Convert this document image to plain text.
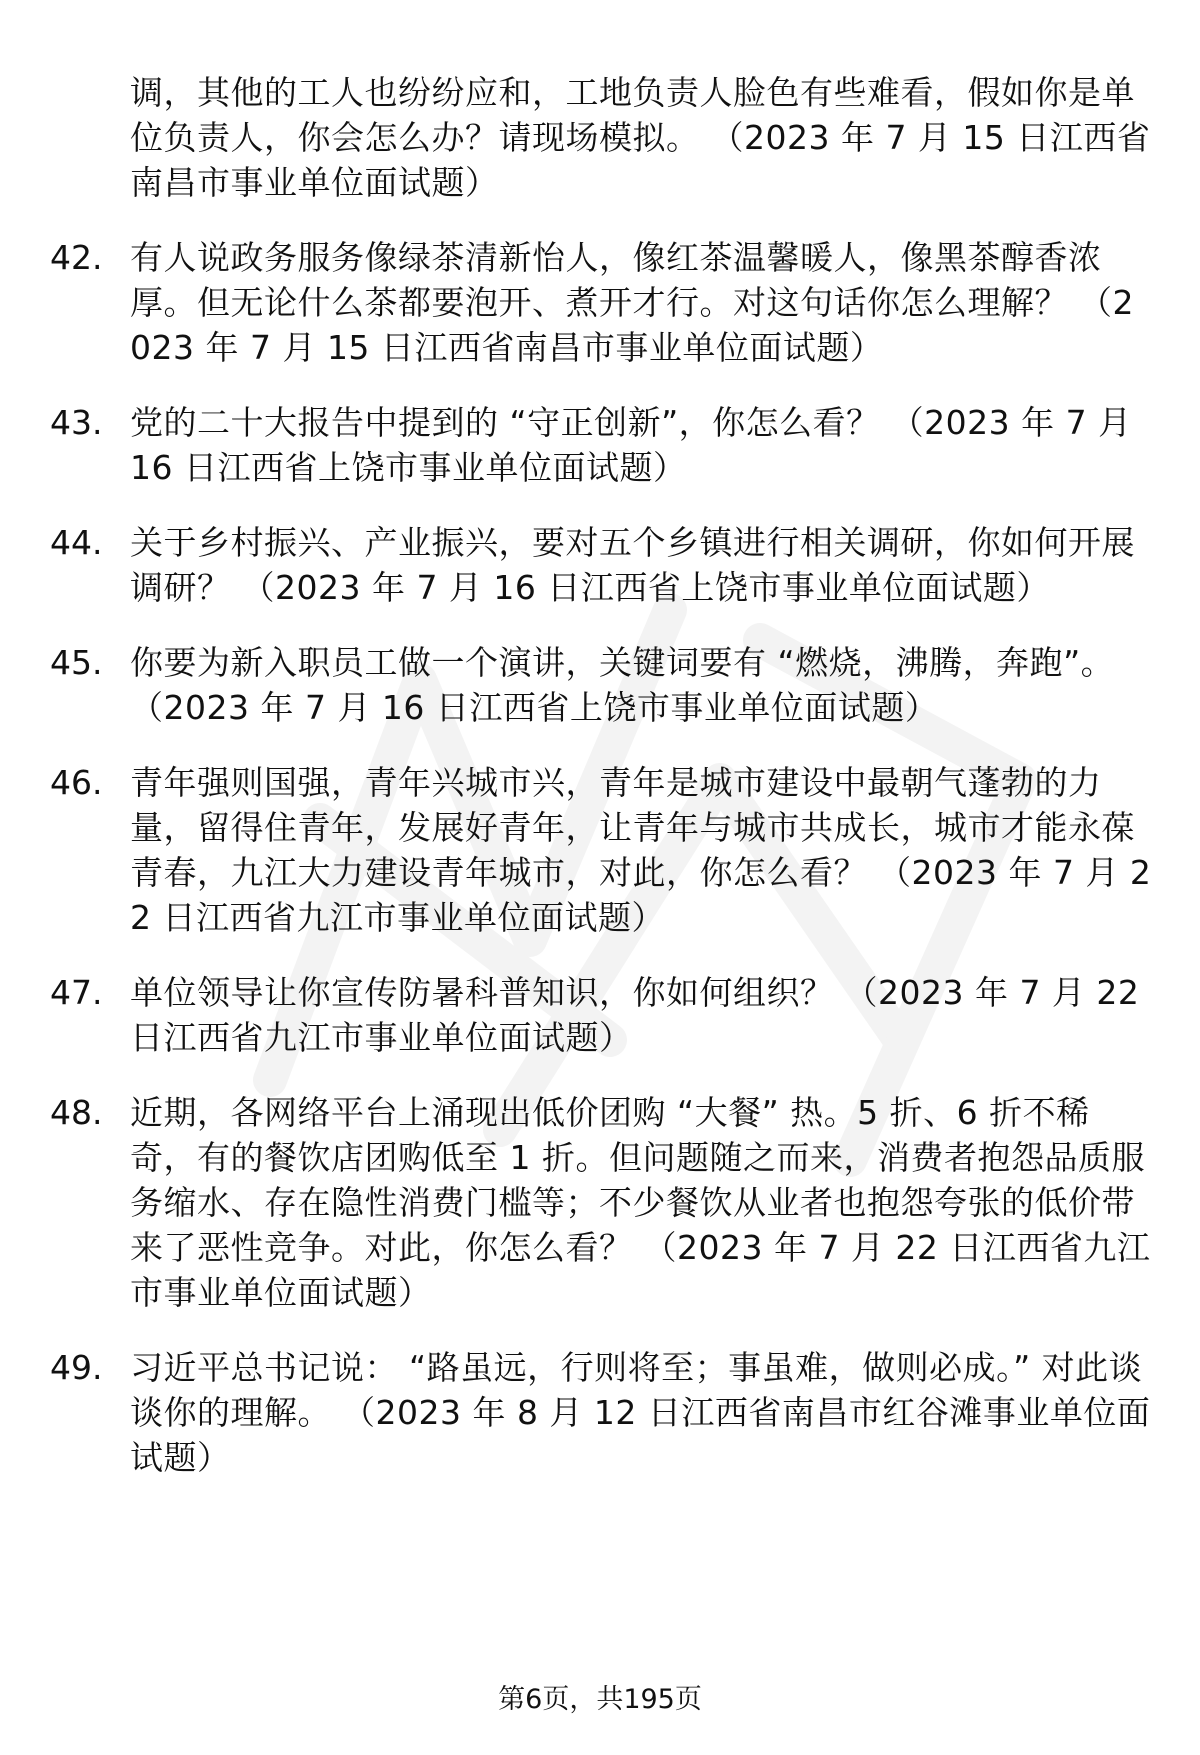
调，其他的工人也纷纷应和，工地负责人脸色有些难看，假如你是单位负责人，你会怎么办？请现场模拟。 （2023 年 7 月 15 日江西省南昌市事业单位面试题）
42. 有人说政务服务像绿茶清新怡人，像红茶温馨暖人，像黑茶醇香浓厚。但无论什么茶都要泡开、煮开才行。对这句话你怎么理解？ （2023 年 7 月 15 日江西省南昌市事业单位面试题）
43. 党的二十大报告中提到的 “守正创新”，你怎么看？ （2023 年 7 月 16 日江西省上饶市事业单位面试题）
44. 关于乡村振兴、产业振兴，要对五个乡镇进行相关调研，你如何开展调研？ （2023 年 7 月 16 日江西省上饶市事业单位面试题）
45. 你要为新入职员工做一个演讲，关键词要有 “燃烧，沸腾，奔跑”。 （2023 年 7 月 16 日江西省上饶市事业单位面试题）
46. 青年强则国强，青年兴城市兴，青年是城市建设中最朝气蓬勃的力量，留得住青年，发展好青年，让青年与城市共成长，城市才能永葆青春，九江大力建设青年城市，对此，你怎么看？ （2023 年 7 月 22 日江西省九江市事业单位面试题）
47. 单位领导让你宣传防暑科普知识，你如何组织？ （2023 年 7 月 22 日江西省九江市事业单位面试题）
48. 近期，各网络平台上涌现出低价团购 “大餐” 热。5 折、6 折不稀奇，有的餐饮店团购低至 1 折。但问题随之而来，消费者抱怨品质服务缩水、存在隐性消费门槛等；不少餐饮从业者也抱怨夸张的低价带来了恶性竞争。对此，你怎么看？ （2023 年 7 月 22 日江西省九江市事业单位面试题）
49. 习近平总书记说： “路虽远，行则将至；事虽难，做则必成。” 对此谈谈你的理解。 （2023 年 8 月 12 日江西省南昌市红谷滩事业单位面试题）
第6页，共195页
